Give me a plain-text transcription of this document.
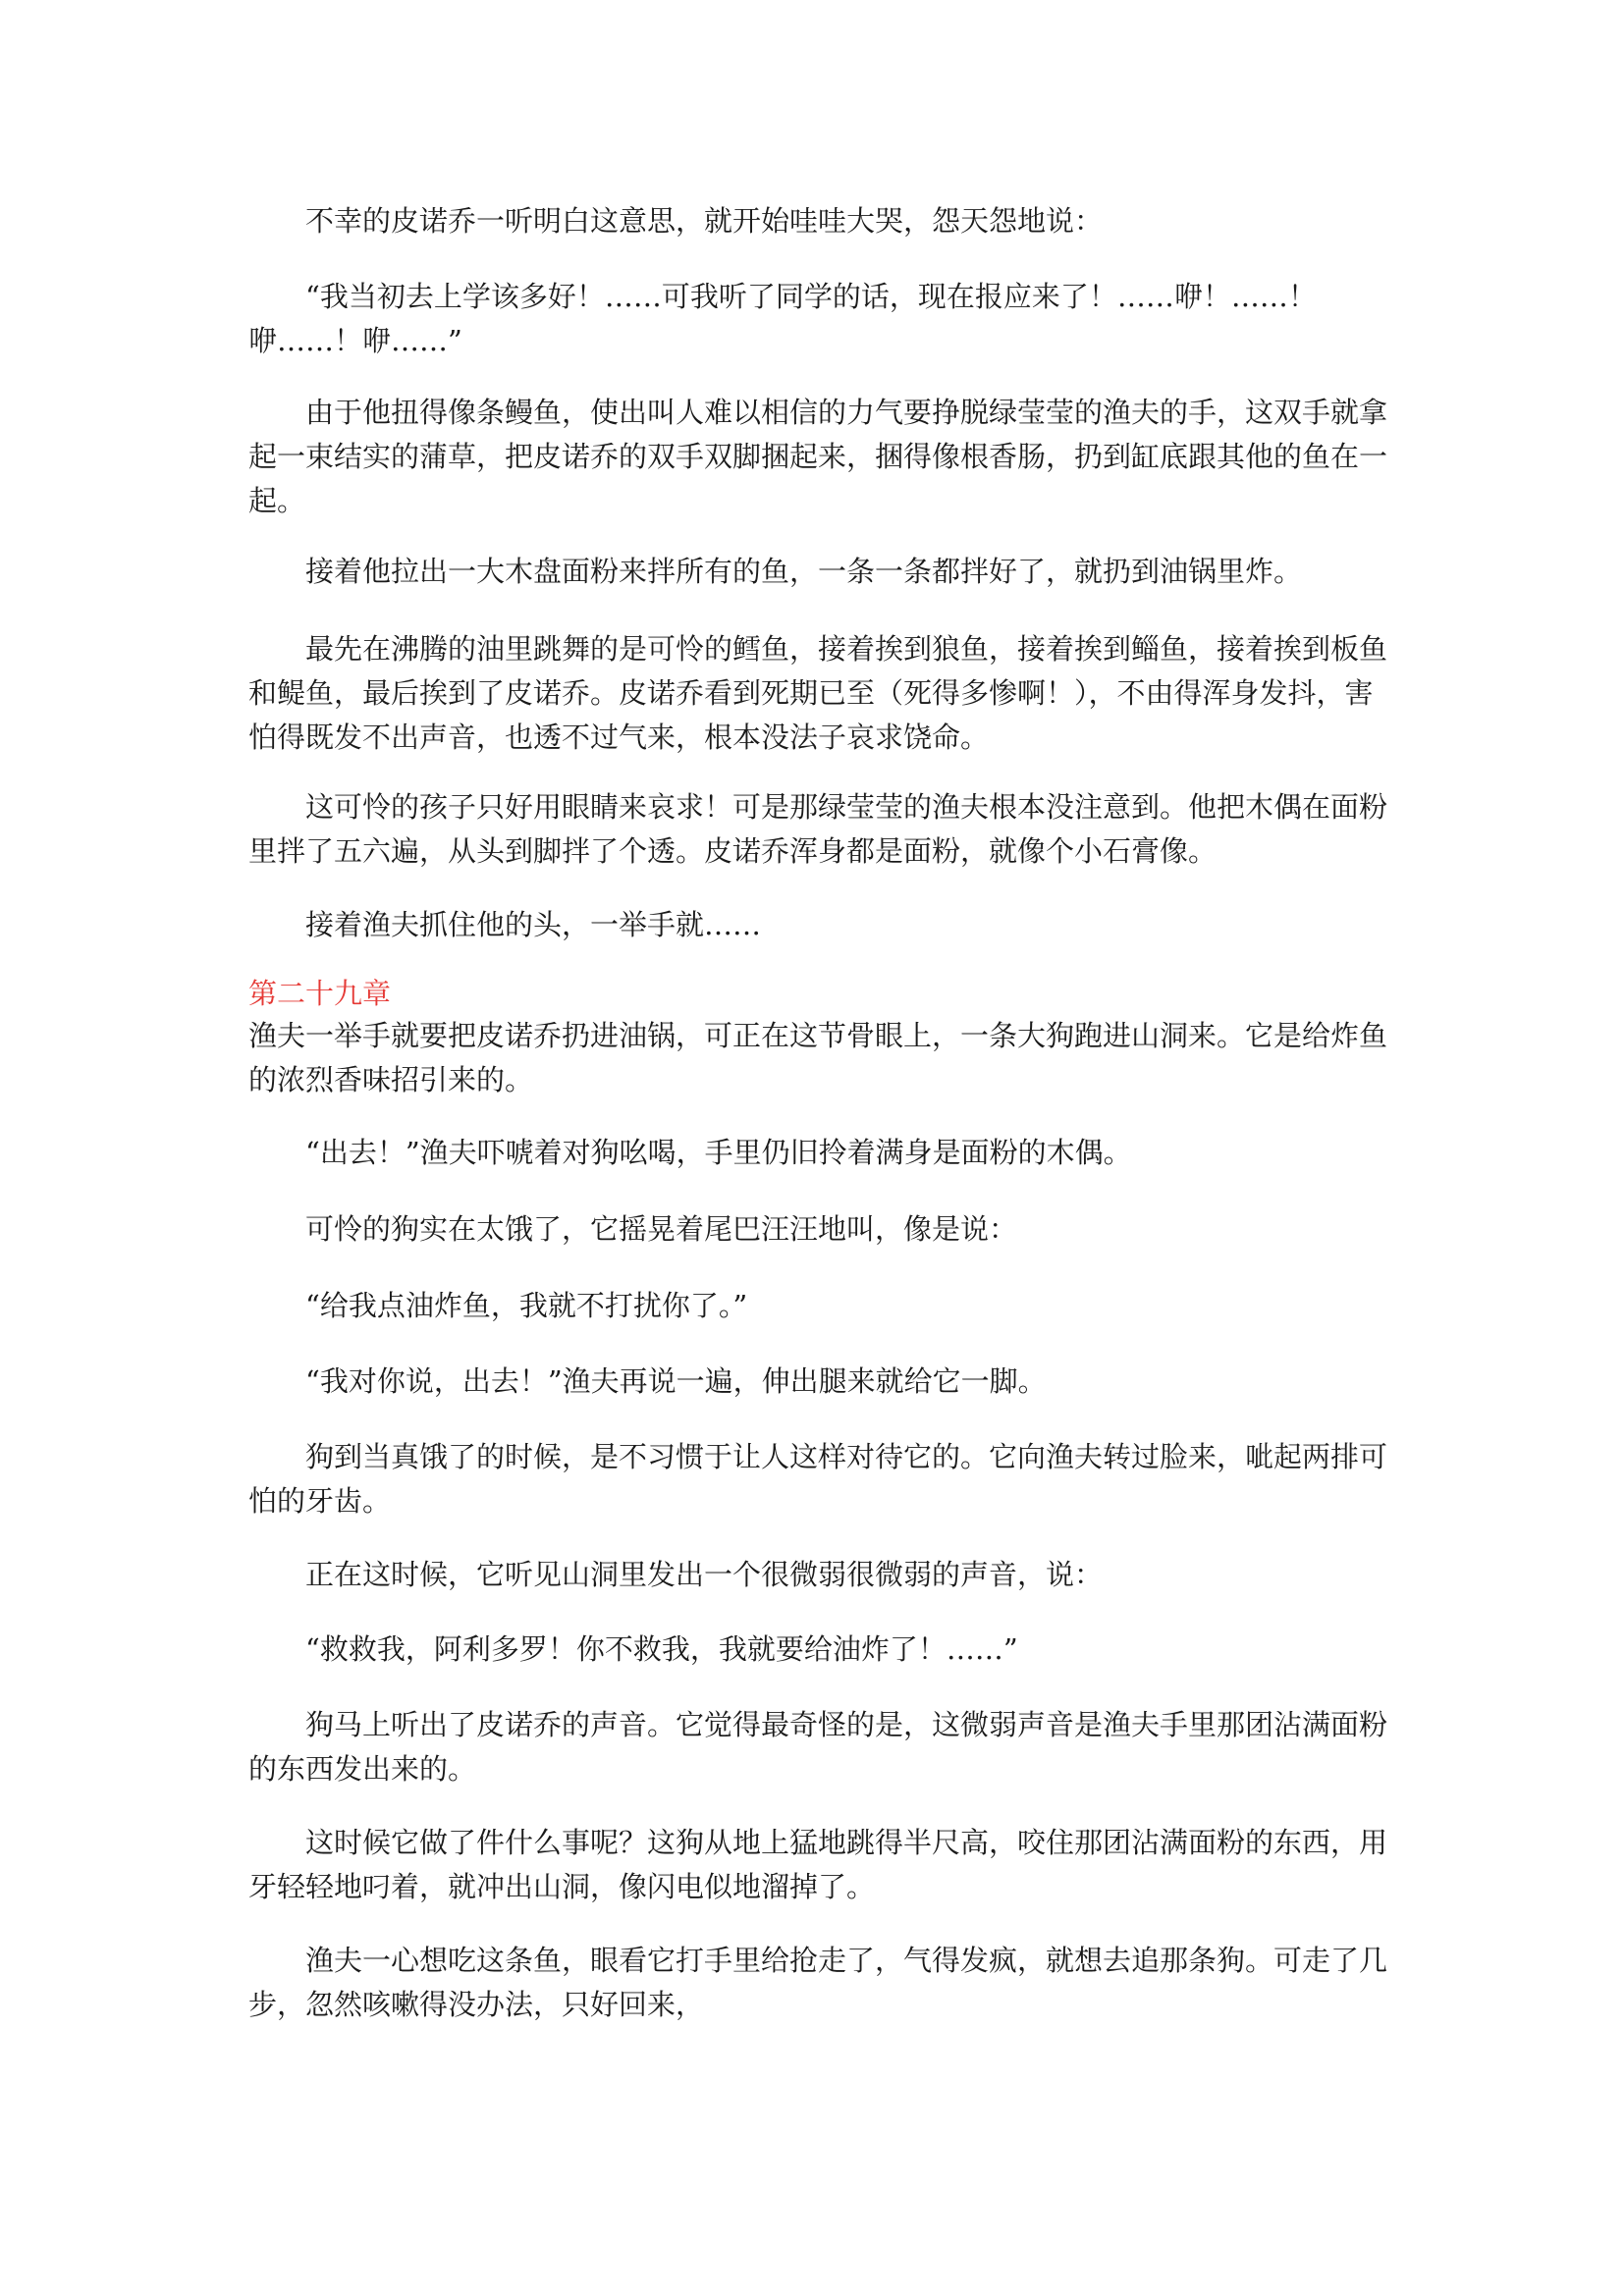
不幸的皮诺乔一听明白这意思，就开始哇哇大哭，怨天怨地说：

“我当初去上学该多好！……可我听了同学的话，现在报应来了！……咿！……！咿……！咿……”

由于他扭得像条鳗鱼，使出叫人难以相信的力气要挣脱绿莹莹的渔夫的手，这双手就拿起一束结实的蒲草，把皮诺乔的双手双脚捆起来，捆得像根香肠，扔到缸底跟其他的鱼在一起。

接着他拉出一大木盘面粉来拌所有的鱼，一条一条都拌好了，就扔到油锅里炸。

最先在沸腾的油里跳舞的是可怜的鳕鱼，接着挨到狼鱼，接着挨到鲻鱼，接着挨到板鱼和鳀鱼，最后挨到了皮诺乔。皮诺乔看到死期已至（死得多惨啊！），不由得浑身发抖，害怕得既发不出声音，也透不过气来，根本没法子哀求饶命。

这可怜的孩子只好用眼睛来哀求！可是那绿莹莹的渔夫根本没注意到。他把木偶在面粉里拌了五六遍，从头到脚拌了个透。皮诺乔浑身都是面粉，就像个小石膏像。

接着渔夫抓住他的头，一举手就……

第二十九章

渔夫一举手就要把皮诺乔扔进油锅，可正在这节骨眼上，一条大狗跑进山洞来。它是给炸鱼的浓烈香味招引来的。

“出去！”渔夫吓唬着对狗吆喝，手里仍旧拎着满身是面粉的木偶。

可怜的狗实在太饿了，它摇晃着尾巴汪汪地叫，像是说：

“给我点油炸鱼，我就不打扰你了。”

“我对你说，出去！”渔夫再说一遍，伸出腿来就给它一脚。

狗到当真饿了的时候，是不习惯于让人这样对待它的。它向渔夫转过脸来，呲起两排可怕的牙齿。

正在这时候，它听见山洞里发出一个很微弱很微弱的声音，说：

“救救我，阿利多罗！你不救我，我就要给油炸了！……”

狗马上听出了皮诺乔的声音。它觉得最奇怪的是，这微弱声音是渔夫手里那团沾满面粉的东西发出来的。

这时候它做了件什么事呢？这狗从地上猛地跳得半尺高，咬住那团沾满面粉的东西，用牙轻轻地叼着，就冲出山洞，像闪电似地溜掉了。

渔夫一心想吃这条鱼，眼看它打手里给抢走了，气得发疯，就想去追那条狗。可走了几步，忽然咳嗽得没办法，只好回来，
